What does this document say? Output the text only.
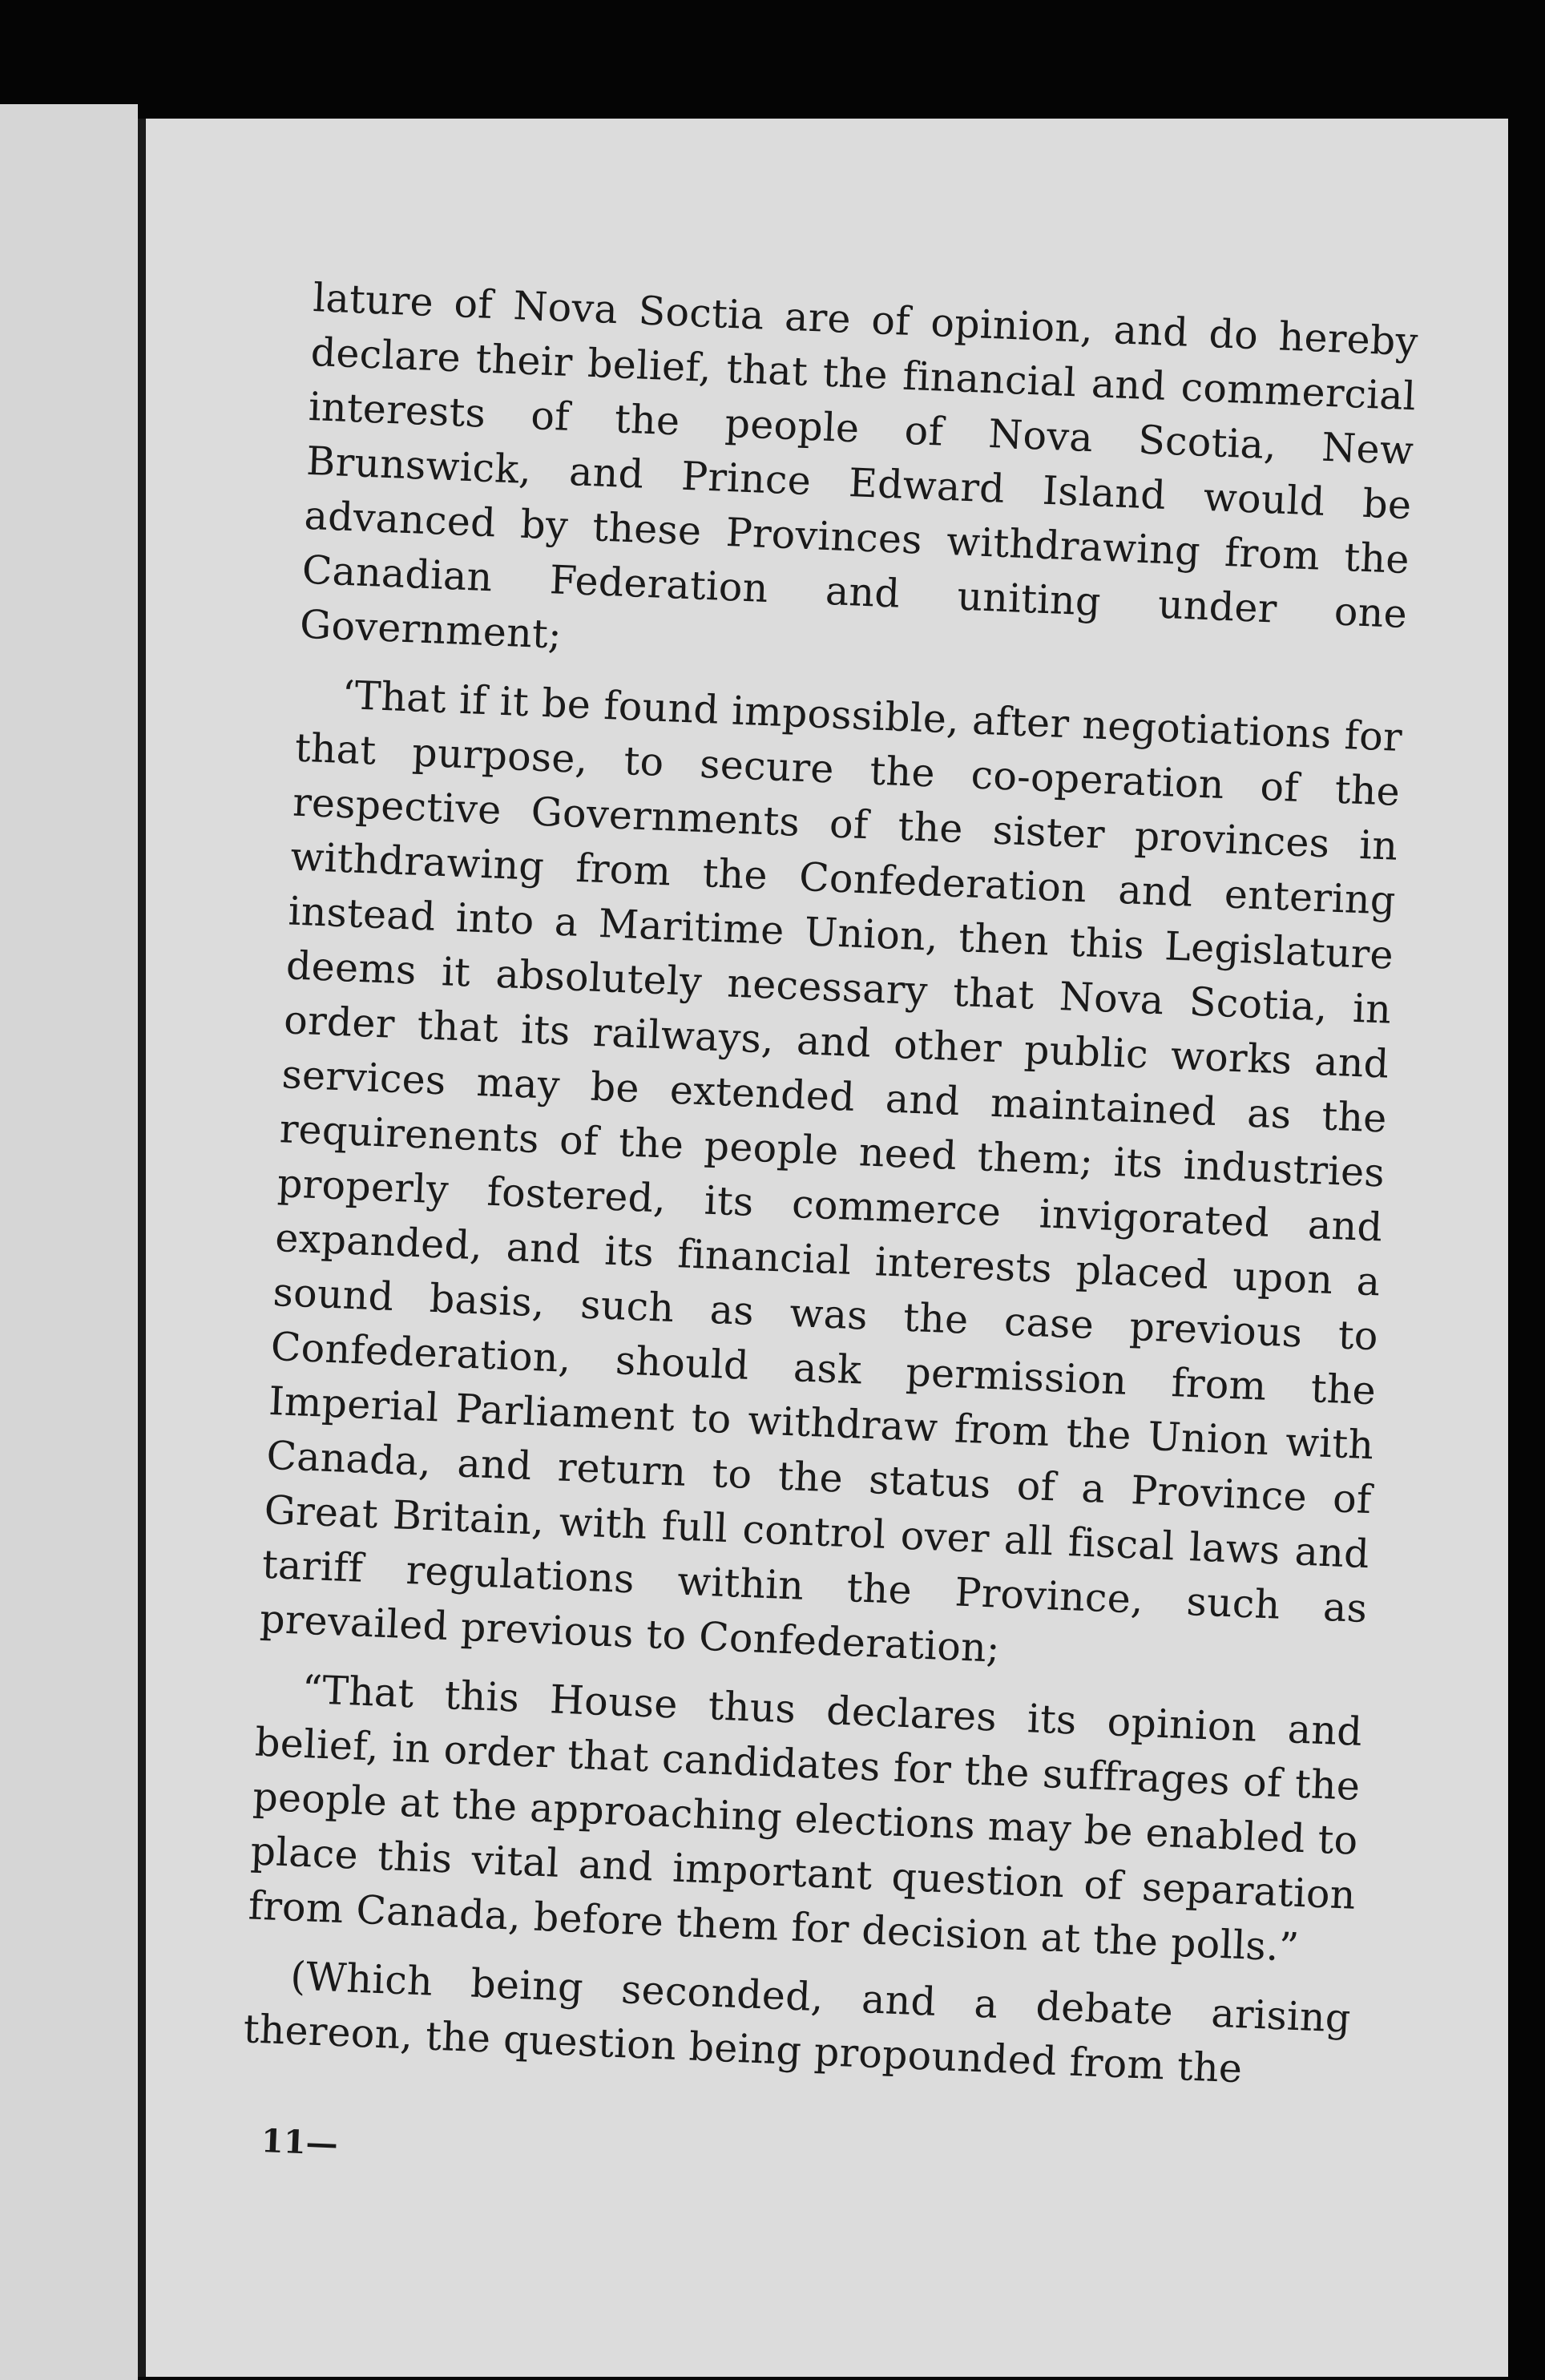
lature of Nova Soctia are of opinion, and do hereby declare their belief, that the financial and commercial interests of the people of Nova Scotia, New Brunswick, and Prince Edward Island would be advanced by these Provinces withdrawing from the Canadian Federation and uniting under one Government;

‘That if it be found impossible, after negotiations for that purpose, to secure the co-operation of the respective Governments of the sister provinces in withdrawing from the Confederation and entering instead into a Maritime Union, then this Legislature deems it absolutely necessary that Nova Scotia, in order that its railways, and other public works and services may be extended and maintained as the requirenents of the people need them; its industries properly fostered, its commerce invigorated and expanded, and its financial interests placed upon a sound basis, such as was the case previous to Confederation, should ask permission from the Imperial Parliament to withdraw from the Union with Canada, and return to the status of a Province of Great Britain, with full control over all fiscal laws and tariff regulations within the Province, such as prevailed previous to Confederation;

“That this House thus declares its opinion and belief, in order that candidates for the suffrages of the people at the approaching elections may be enabled to place this vital and important question of separation from Canada, before them for decision at the polls.”

(Which being seconded, and a debate arising thereon, the question being propounded from the

11—
